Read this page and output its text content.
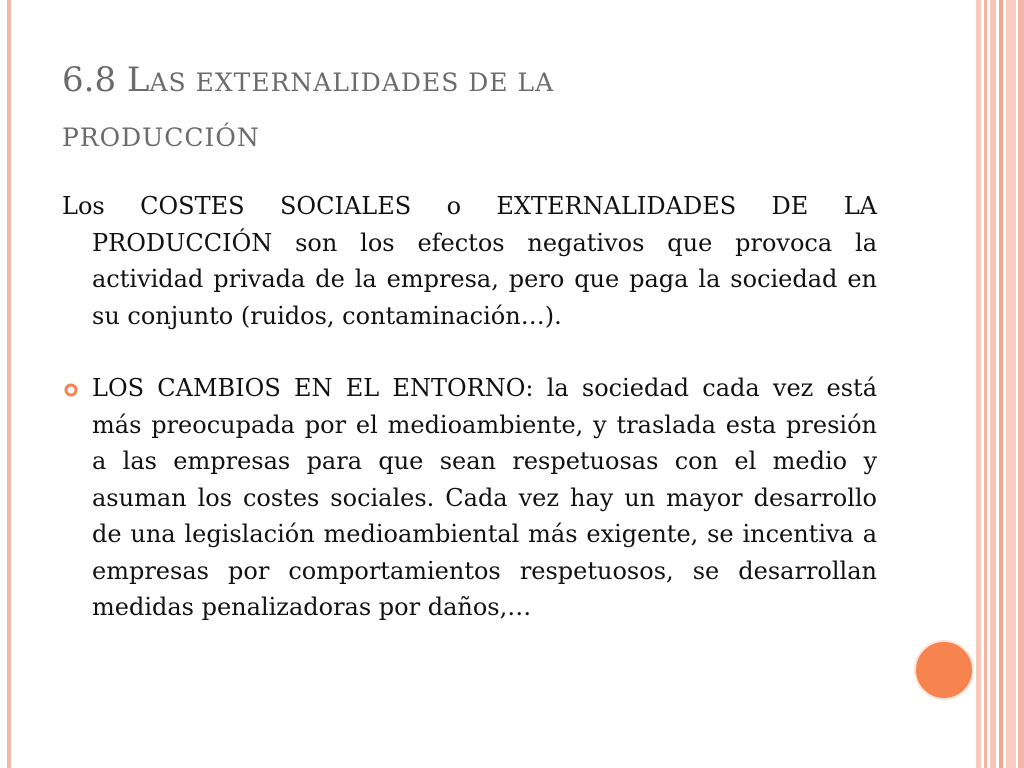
6.8 LAS EXTERNALIDADES DE LA
PRODUCCIÓN

Los COSTES SOCIALES o EXTERNALIDADES DE LA PRODUCCIÓN son los efectos negativos que provoca la actividad privada de la empresa, pero que paga la sociedad en su conjunto (ruidos, contaminación…).

LOS CAMBIOS EN EL ENTORNO: la sociedad cada vez está más preocupada por el medioambiente, y traslada esta presión a las empresas para que sean respetuosas con el medio y asuman los costes sociales. Cada vez hay un mayor desarrollo de una legislación medioambiental más exigente, se incentiva a empresas por comportamientos respetuosos, se desarrollan medidas penalizadoras por daños,…
